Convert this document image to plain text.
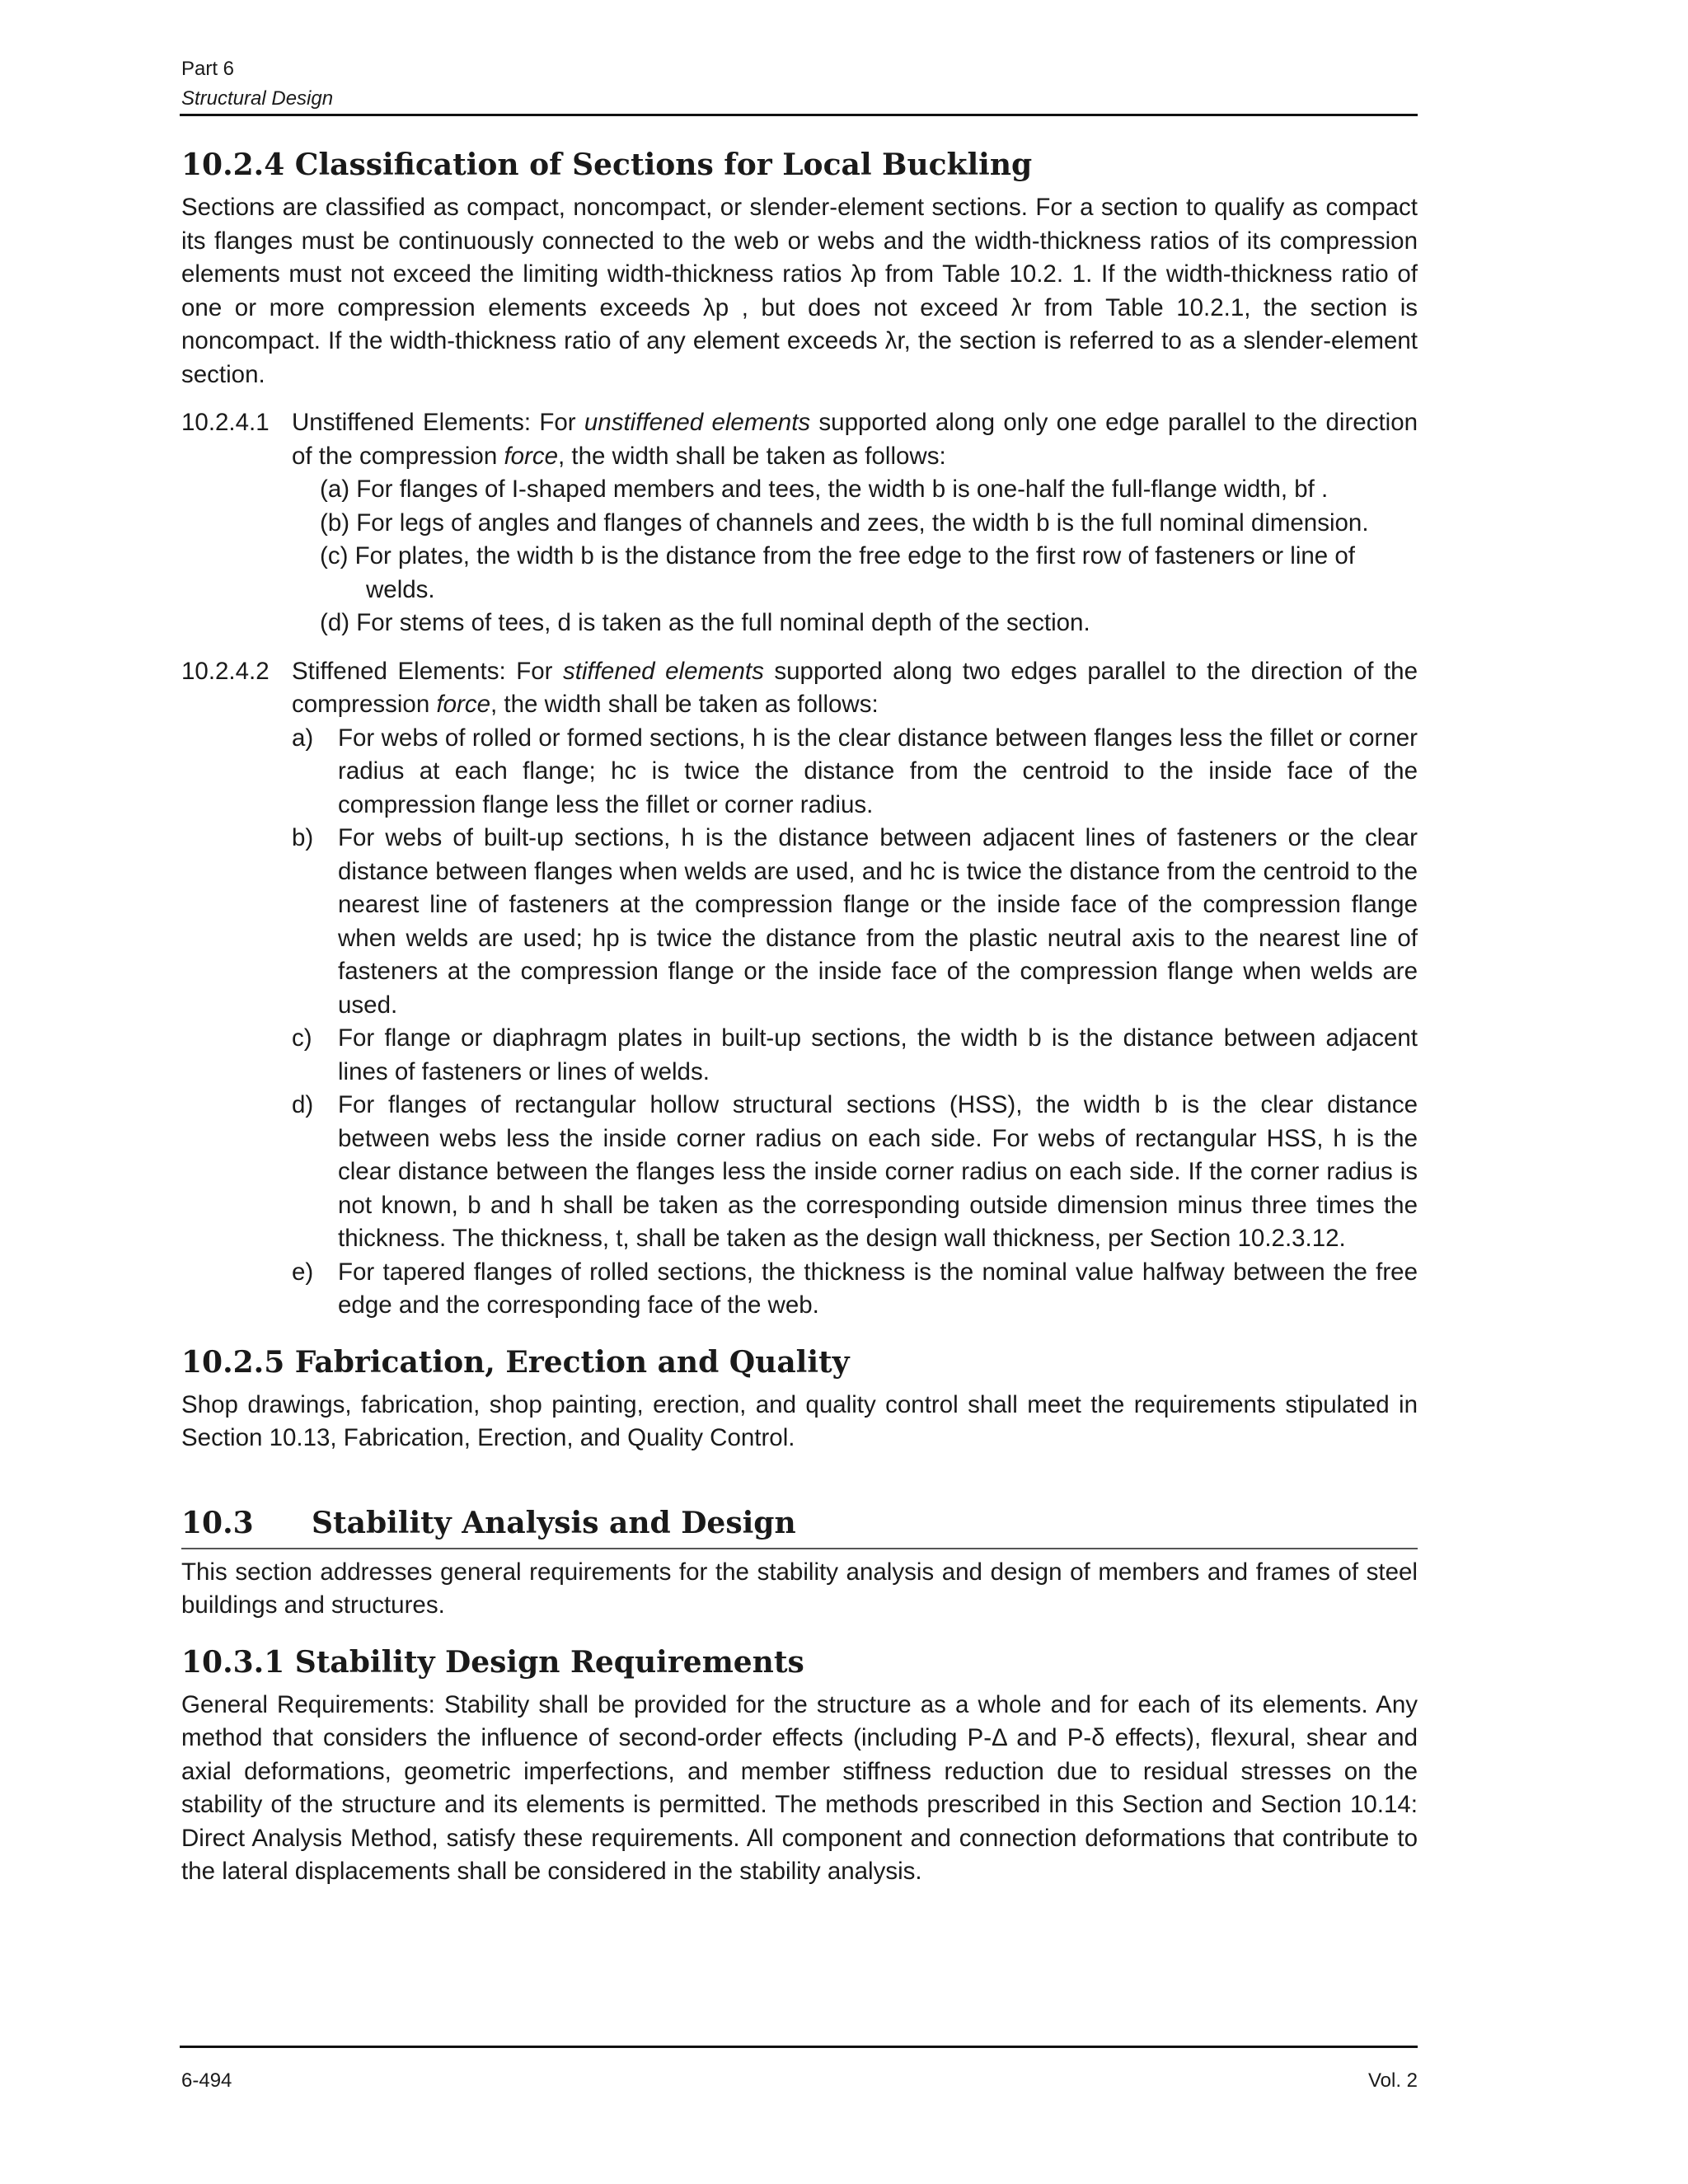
Part 6
Structural Design
10.2.4 Classification of Sections for Local Buckling

Sections are classified as compact, noncompact, or slender-element sections. For a section to qualify as compact its flanges must be continuously connected to the web or webs and the width-thickness ratios of its compression elements must not exceed the limiting width-thickness ratios λp from Table 10.2. 1. If the width-thickness ratio of one or more compression elements exceeds λp , but does not exceed λr from Table 10.2.1, the section is noncompact. If the width-thickness ratio of any element exceeds λr, the section is referred to as a slender-element section.

10.2.4.1 Unstiffened Elements: For unstiffened elements supported along only one edge parallel to the direction of the compression force, the width shall be taken as follows:

(a) For flanges of I-shaped members and tees, the width b is one-half the full-flange width, bf .

(b) For legs of angles and flanges of channels and zees, the width b is the full nominal dimension.

(c) For plates, the width b is the distance from the free edge to the first row of fasteners or line of welds.

(d) For stems of tees, d is taken as the full nominal depth of the section.

10.2.4.2 Stiffened Elements: For stiffened elements supported along two edges parallel to the direction of the compression force, the width shall be taken as follows:
a) For webs of rolled or formed sections, h is the clear distance between flanges less the fillet or corner radius at each flange; hc is twice the distance from the centroid to the inside face of the compression flange less the fillet or corner radius.
b) For webs of built-up sections, h is the distance between adjacent lines of fasteners or the clear distance between flanges when welds are used, and hc is twice the distance from the centroid to the nearest line of fasteners at the compression flange or the inside face of the compression flange when welds are used; hp is twice the distance from the plastic neutral axis to the nearest line of fasteners at the compression flange or the inside face of the compression flange when welds are used.
c) For flange or diaphragm plates in built-up sections, the width b is the distance between adjacent lines of fasteners or lines of welds.
d) For flanges of rectangular hollow structural sections (HSS), the width b is the clear distance between webs less the inside corner radius on each side. For webs of rectangular HSS, h is the clear distance between the flanges less the inside corner radius on each side. If the corner radius is not known, b and h shall be taken as the corresponding outside dimension minus three times the thickness. The thickness, t, shall be taken as the design wall thickness, per Section 10.2.3.12.
e) For tapered flanges of rolled sections, the thickness is the nominal value halfway between the free edge and the corresponding face of the web.
10.2.5 Fabrication, Erection and Quality

Shop drawings, fabrication, shop painting, erection, and quality control shall meet the requirements stipulated in Section 10.13, Fabrication, Erection, and Quality Control.

10.3	Stability Analysis and Design

This section addresses general requirements for the stability analysis and design of members and frames of steel buildings and structures.

10.3.1 Stability Design Requirements

General Requirements: Stability shall be provided for the structure as a whole and for each of its elements. Any method that considers the influence of second-order effects (including P-Δ and P-δ effects), flexural, shear and axial deformations, geometric imperfections, and member stiffness reduction due to residual stresses on the stability of the structure and its elements is permitted. The methods prescribed in this Section and Section 10.14: Direct Analysis Method, satisfy these requirements. All component and connection deformations that contribute to the lateral displacements shall be considered in the stability analysis.

6-494	Vol. 2
